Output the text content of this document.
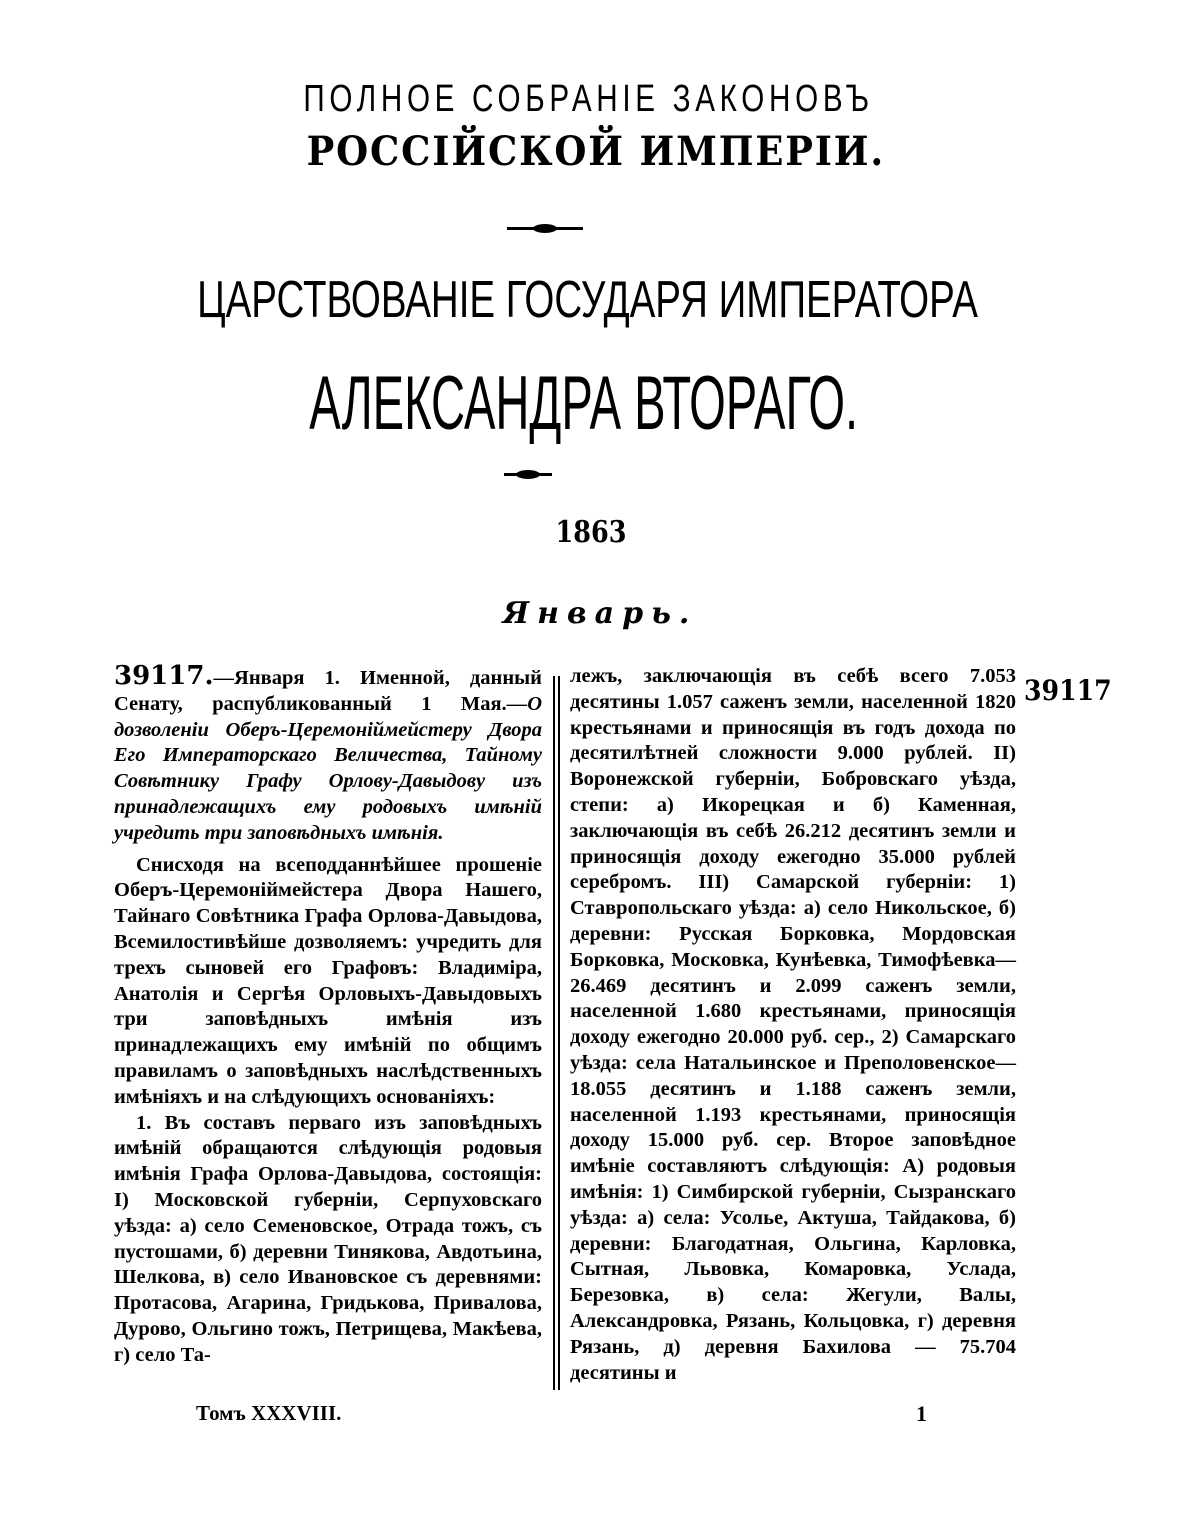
ПОЛНОЕ СОБРАНІЕ ЗАКОНОВЪ
РОССІЙСКОЙ ИМПЕРІИ.
ЦАРСТВОВАНІЕ ГОСУДАРЯ ИМПЕРАТОРА
АЛЕКСАНДРА ВТОРАГО.
1863
Январь.

39117.—Января 1. Именной, данный Сенату, распубликованный 1 Мая.—О дозволеніи Оберъ-Церемоніймейстеру Двора Его Императорскаго Величества, Тайному Совѣтнику Графу Орлову-Давыдову изъ принадлежащихъ ему родовыхъ имѣній учредить три заповѣдныхъ имѣнія.

Снисходя на всеподданнѣйшее прошеніе Оберъ-Церемоніймейстера Двора Нашего, Тайнаго Совѣтника Графа Орлова-Давыдова, Всемилостивѣйше дозволяемъ: учредить для трехъ сыновей его Графовъ: Владиміра, Анатолія и Сергѣя Орловыхъ-Давыдовыхъ три заповѣдныхъ имѣнія изъ принадлежащихъ ему имѣній по общимъ правиламъ о заповѣдныхъ наслѣдственныхъ имѣніяхъ и на слѣдующихъ основаніяхъ:

1. Въ составъ перваго изъ заповѣдныхъ имѣній обращаются слѣдующія родовыя имѣнія Графа Орлова-Давыдова, состоящія: I) Московской губерніи, Серпуховскаго уѣзда: а) село Семеновское, Отрада тожъ, съ пустошами, б) деревни Тинякова, Авдотьина, Шелкова, в) село Ивановское съ деревнями: Протасова, Агарина, Гридькова, Привалова, Дурово, Ольгино тожъ, Петрищева, Макѣева, г) село Та-

лежъ, заключающія въ себѣ всего 7.053 десятины 1.057 саженъ земли, населенной 1820 крестьянами и приносящія въ годъ дохода по десятилѣтней сложности 9.000 рублей. II) Воронежской губерніи, Бобровскаго уѣзда, степи: а) Икорецкая и б) Каменная, заключающія въ себѣ 26.212 десятинъ земли и приносящія доходу ежегодно 35.000 рублей серебромъ. III) Самарской губерніи: 1) Ставропольскаго уѣзда: а) село Никольское, б) деревни: Русская Борковка, Мордовская Борковка, Московка, Кунѣевка, Тимофѣевка—26.469 десятинъ и 2.099 саженъ земли, населенной 1.680 крестьянами, приносящія доходу ежегодно 20.000 руб. сер., 2) Самарскаго уѣзда: села Натальинское и Преполовенское—18.055 десятинъ и 1.188 саженъ земли, населенной 1.193 крестьянами, приносящія доходу 15.000 руб. сер. Второе заповѣдное имѣніе составляютъ слѣдующія: А) родовыя имѣнія: 1) Симбирской губерніи, Сызранскаго уѣзда: а) села: Усолье, Актуша, Тайдакова, б) деревни: Благодатная, Ольгина, Карловка, Сытная, Львовка, Комаровка, Услада, Березовка, в) села: Жегули, Валы, Александровка, Рязань, Кольцовка, г) деревня Рязань, д) деревня Бахилова — 75.704 десятины и

39117
Томъ XXXVIII.	1
